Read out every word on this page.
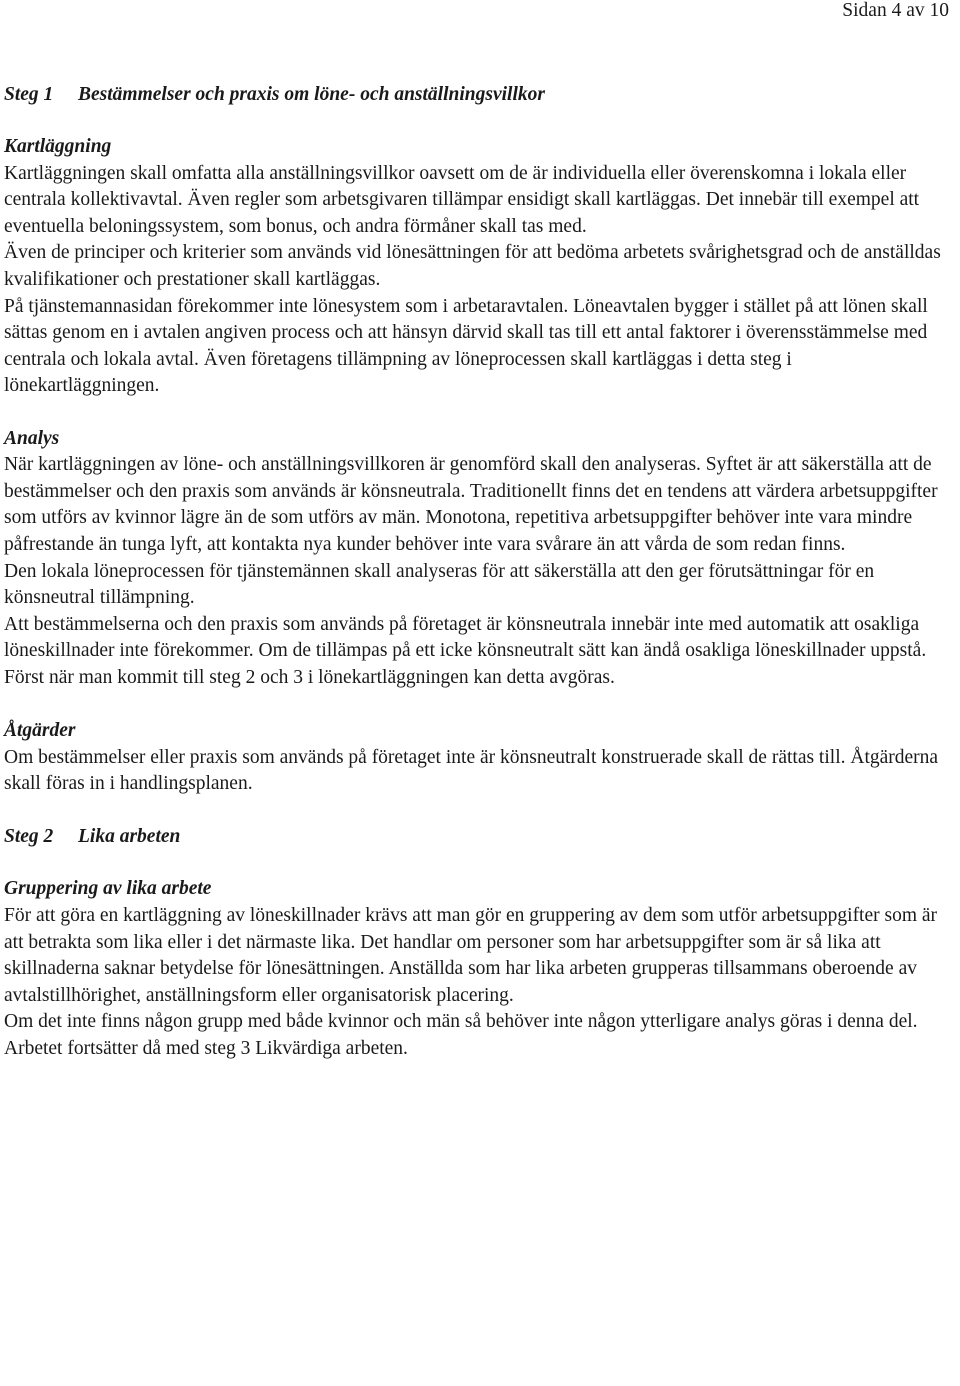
Sidan 4 av 10

Steg 1	Bestämmelser och praxis om löne- och anställningsvillkor
Kartläggning

Kartläggningen skall omfatta alla anställningsvillkor oavsett om de är individuella eller överenskomna i lokala eller centrala kollektivavtal. Även regler som arbetsgivaren tillämpar ensidigt skall kartläggas. Det innebär till exempel att eventuella beloningssystem, som bonus, och andra förmåner skall tas med.

Även de principer och kriterier som används vid lönesättningen för att bedöma arbetets svårighetsgrad och de anställdas kvalifikationer och prestationer skall kartläggas.

På tjänstemannasidan förekommer inte lönesystem som i arbetaravtalen. Löneavtalen bygger i stället på att lönen skall sättas genom en i avtalen angiven process och att hänsyn därvid skall tas till ett antal faktorer i överensstämmelse med centrala och lokala avtal. Även företagens tillämpning av löneprocessen skall kartläggas i detta steg i lönekartläggningen.

Analys

När kartläggningen av löne- och anställningsvillkoren är genomförd skall den analyseras. Syftet är att säkerställa att de bestämmelser och den praxis som används är könsneutrala. Traditionellt finns det en tendens att värdera arbetsuppgifter som utförs av kvinnor lägre än de som utförs av män. Monotona, repetitiva arbetsuppgifter behöver inte vara mindre påfrestande än tunga lyft, att kontakta nya kunder behöver inte vara svårare än att vårda de som redan finns.

Den lokala löneprocessen för tjänstemännen skall analyseras för att säkerställa att den ger förutsättningar för en könsneutral tillämpning.

Att bestämmelserna och den praxis som används på företaget är könsneutrala innebär inte med automatik att osakliga löneskillnader inte förekommer. Om de tillämpas på ett icke könsneutralt sätt kan ändå osakliga löneskillnader uppstå. Först när man kommit till steg 2 och 3 i lönekartläggningen kan detta avgöras.

Åtgärder

Om bestämmelser eller praxis som används på företaget inte är könsneutralt konstruerade skall de rättas till. Åtgärderna skall föras in i handlingsplanen.

Steg 2	Lika arbeten
Gruppering av lika arbete

För att göra en kartläggning av löneskillnader krävs att man gör en gruppering av dem som utför arbetsuppgifter som är att betrakta som lika eller i det närmaste lika. Det handlar om personer som har arbetsuppgifter som är så lika att skillnaderna saknar betydelse för lönesättningen. Anställda som har lika arbeten grupperas tillsammans oberoende av avtalstillhörighet, anställningsform eller organisatorisk placering.

Om det inte finns någon grupp med både kvinnor och män så behöver inte någon ytterligare analys göras i denna del. Arbetet fortsätter då med steg 3 Likvärdiga arbeten.
